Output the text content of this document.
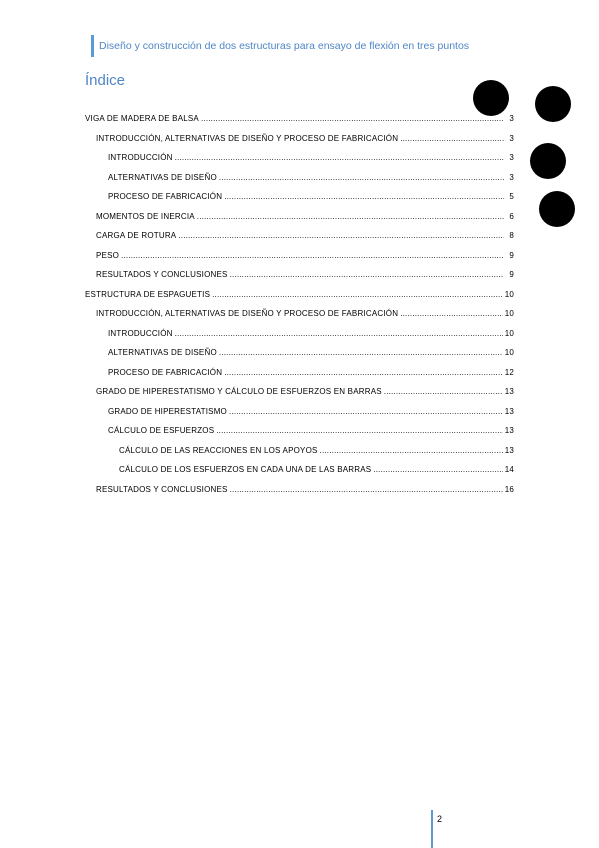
Diseño y construcción de dos estructuras para ensayo de flexión en tres puntos
Índice
VIGA DE MADERA DE BALSA .....	3
INTRODUCCIÓN, ALTERNATIVAS DE DISEÑO Y PROCESO DE FABRICACIÓN .....	3
INTRODUCCIÓN .....	3
ALTERNATIVAS DE DISEÑO .....	3
PROCESO DE FABRICACIÓN .....	5
MOMENTOS DE INERCIA .....	6
CARGA DE ROTURA .....	8
PESO .....	9
RESULTADOS Y CONCLUSIONES .....	9
ESTRUCTURA DE ESPAGUETIS .....	10
INTRODUCCIÓN, ALTERNATIVAS DE DISEÑO Y PROCESO DE FABRICACIÓN .....	10
INTRODUCCIÓN .....	10
ALTERNATIVAS DE DISEÑO .....	10
PROCESO DE FABRICACIÓN .....	12
GRADO DE HIPERESTATISMO Y CÁLCULO DE ESFUERZOS EN BARRAS .....	13
GRADO DE HIPERESTATISMO .....	13
CÁLCULO DE ESFUERZOS .....	13
CÁLCULO DE LAS REACCIONES EN LOS APOYOS .....	13
CÁLCULO DE LOS ESFUERZOS EN CADA UNA DE LAS BARRAS .....	14
RESULTADOS Y CONCLUSIONES .....	16
2
